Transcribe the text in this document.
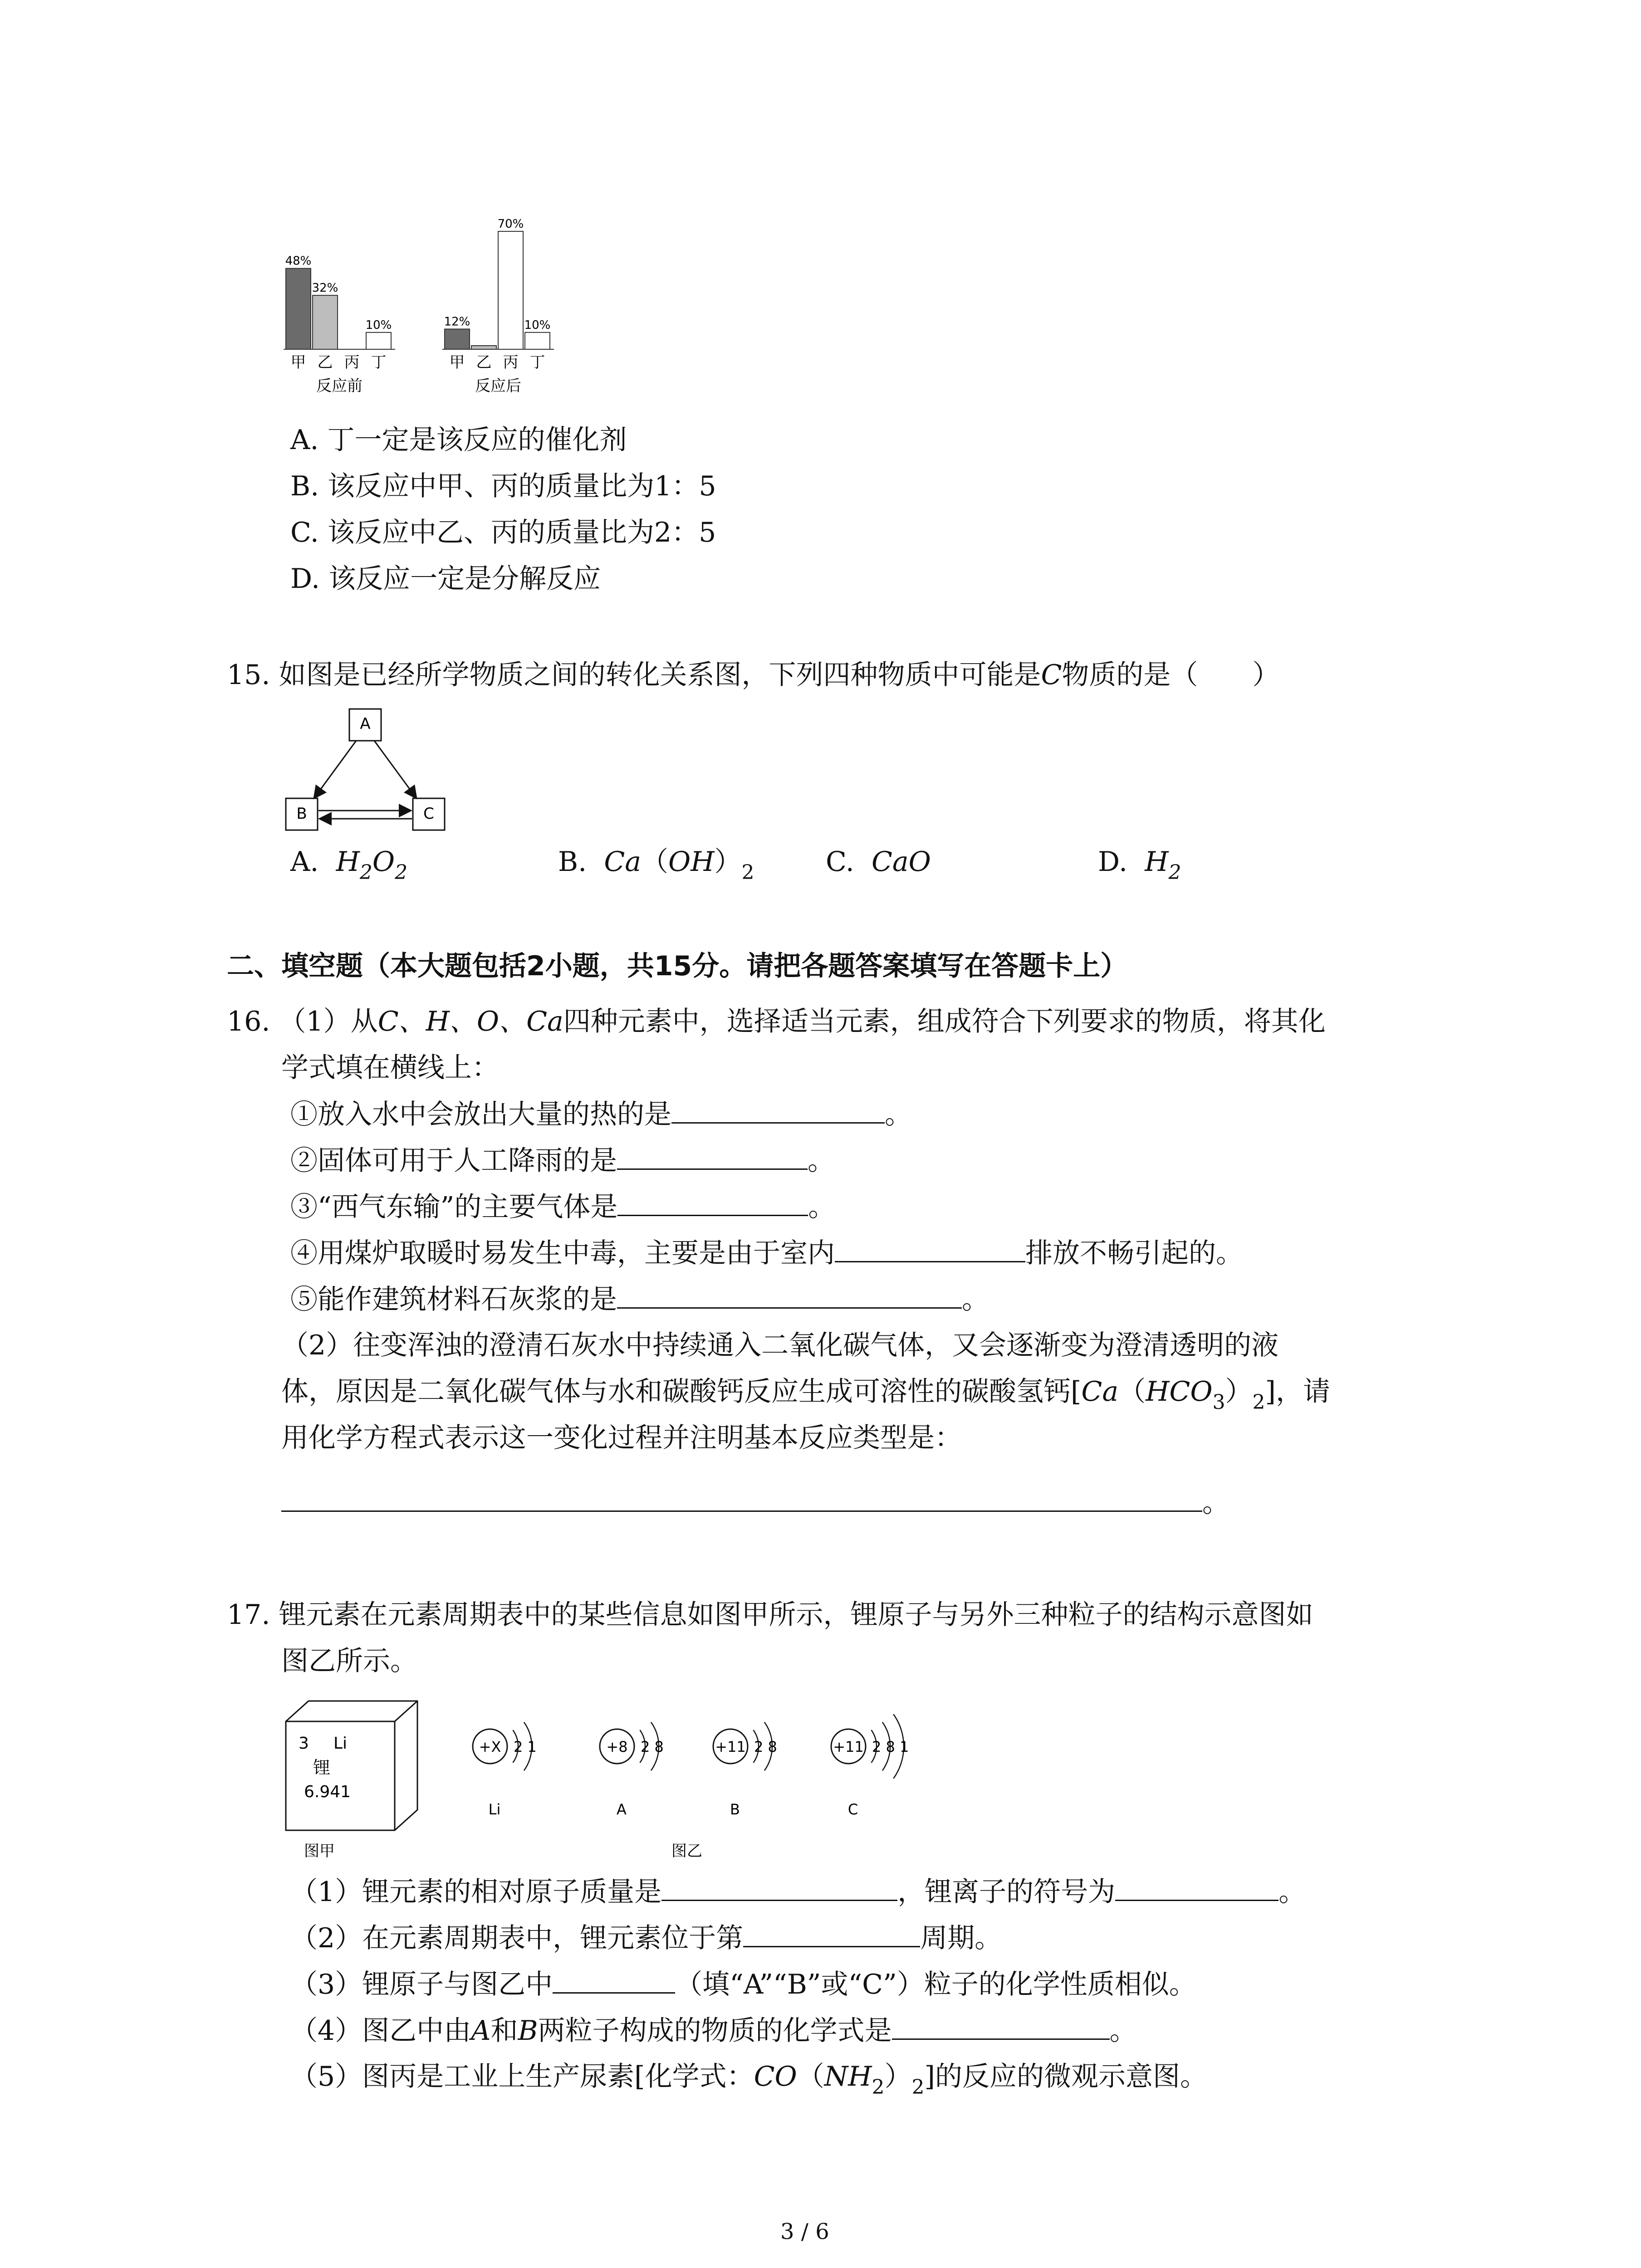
48%
甲
32%
乙 丙
10%
丁
反应前
12%
甲 乙
70%
丙
10%
丁
反应后
A. 丁一定是该反应的催化剂
B. 该反应中甲、丙的质量比为1：5
C. 该反应中乙、丙的质量比为2：5
D. 该反应一定是分解反应
15. 如图是已经所学物质之间的转化关系图，下列四种物质中可能是C物质的是（　　）
A
B	C
A. $H_2O_2$	B. $Ca(OH)_2$	C. CaO	D. $H_2$
二、填空题（本大题包括2小题，共15分。请把各题答案填写在答题卡上）
16. （1）从C、H、O、Ca四种元素中，选择适当元素，组成符合下列要求的物质，将其化
学式填在横线上：
①放入水中会放出大量的热的是	。
②固体可用于人工降雨的是	。
③“西气东输”的主要气体是	。
④用煤炉取暖时易发生中毒，主要是由于室内	排放不畅引起的。
⑤能作建筑材料石灰浆的是	。
（2）往变浑浊的澄清石灰水中持续通入二氧化碳气体，又会逐渐变为澄清透明的液
体，原因是二氧化碳气体与水和碳酸钙反应生成可溶性的碳酸氢钙$[Ca(HCO_3)_2]$，请
用化学方程式表示这一变化过程并注明基本反应类型是：
。
17. 锂元素在元素周期表中的某些信息如图甲所示，锂原子与另外三种粒子的结构示意图如
图乙所示。
3 Li
锂
6.941
图甲
+X 2 1
Li
+8 2 8
A
+11 2 8
B
+11 2 8 1
C
图乙
（1）锂元素的相对原子质量是	，锂离子的符号为	。
（2）在元素周期表中，锂元素位于第	周期。
（3）锂原子与图乙中	（填“A”“B”或“C”）粒子的化学性质相似。
（4）图乙中由A和B两粒子构成的物质的化学式是	。
（5）图丙是工业上生产尿素[化学式：$CO(NH_2)_2$]的反应的微观示意图。
3 / 6
